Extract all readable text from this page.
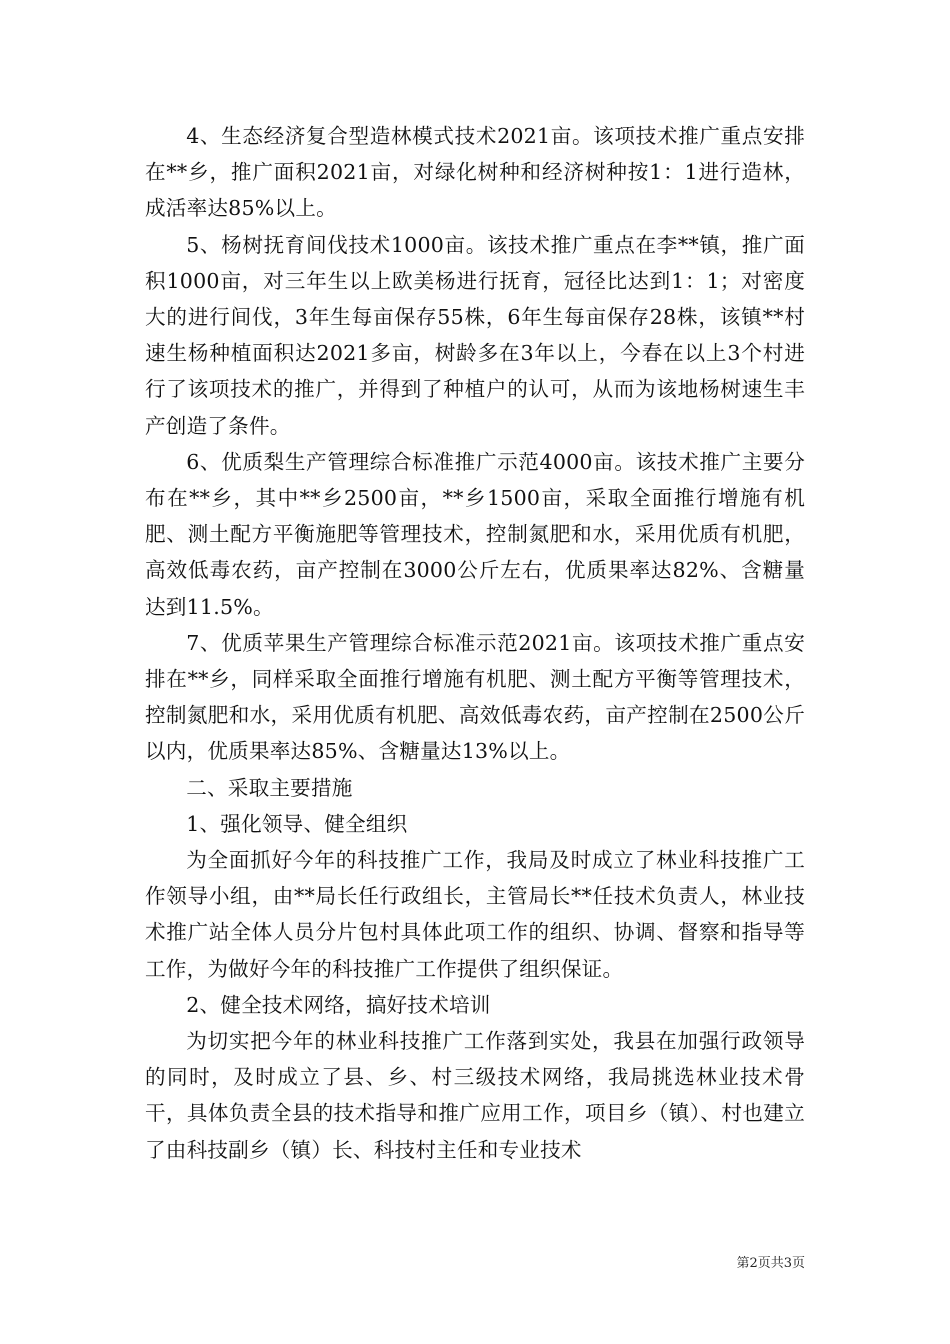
4、生态经济复合型造林模式技术2021亩。该项技术推广重点安排在**乡，推广面积2021亩，对绿化树种和经济树种按1：1进行造林，成活率达85%以上。

5、杨树抚育间伐技术1000亩。该技术推广重点在李**镇，推广面积1000亩，对三年生以上欧美杨进行抚育，冠径比达到1：1；对密度大的进行间伐，3年生每亩保存55株，6年生每亩保存28株，该镇**村速生杨种植面积达2021多亩，树龄多在3年以上，今春在以上3个村进行了该项技术的推广，并得到了种植户的认可，从而为该地杨树速生丰产创造了条件。

6、优质梨生产管理综合标准推广示范4000亩。该技术推广主要分布在**乡，其中**乡2500亩，**乡1500亩，采取全面推行增施有机肥、测土配方平衡施肥等管理技术，控制氮肥和水，采用优质有机肥，高效低毒农药，亩产控制在3000公斤左右，优质果率达82%、含糖量达到11.5%。

7、优质苹果生产管理综合标准示范2021亩。该项技术推广重点安排在**乡，同样采取全面推行增施有机肥、测土配方平衡等管理技术，控制氮肥和水，采用优质有机肥、高效低毒农药，亩产控制在2500公斤以内，优质果率达85%、含糖量达13%以上。

二、采取主要措施

1、强化领导、健全组织

为全面抓好今年的科技推广工作，我局及时成立了林业科技推广工作领导小组，由**局长任行政组长，主管局长**任技术负责人，林业技术推广站全体人员分片包村具体此项工作的组织、协调、督察和指导等工作，为做好今年的科技推广工作提供了组织保证。

2、健全技术网络，搞好技术培训

为切实把今年的林业科技推广工作落到实处，我县在加强行政领导的同时，及时成立了县、乡、村三级技术网络，我局挑选林业技术骨干，具体负责全县的技术指导和推广应用工作，项目乡（镇）、村也建立了由科技副乡（镇）长、科技村主任和专业技术

第2页共3页
